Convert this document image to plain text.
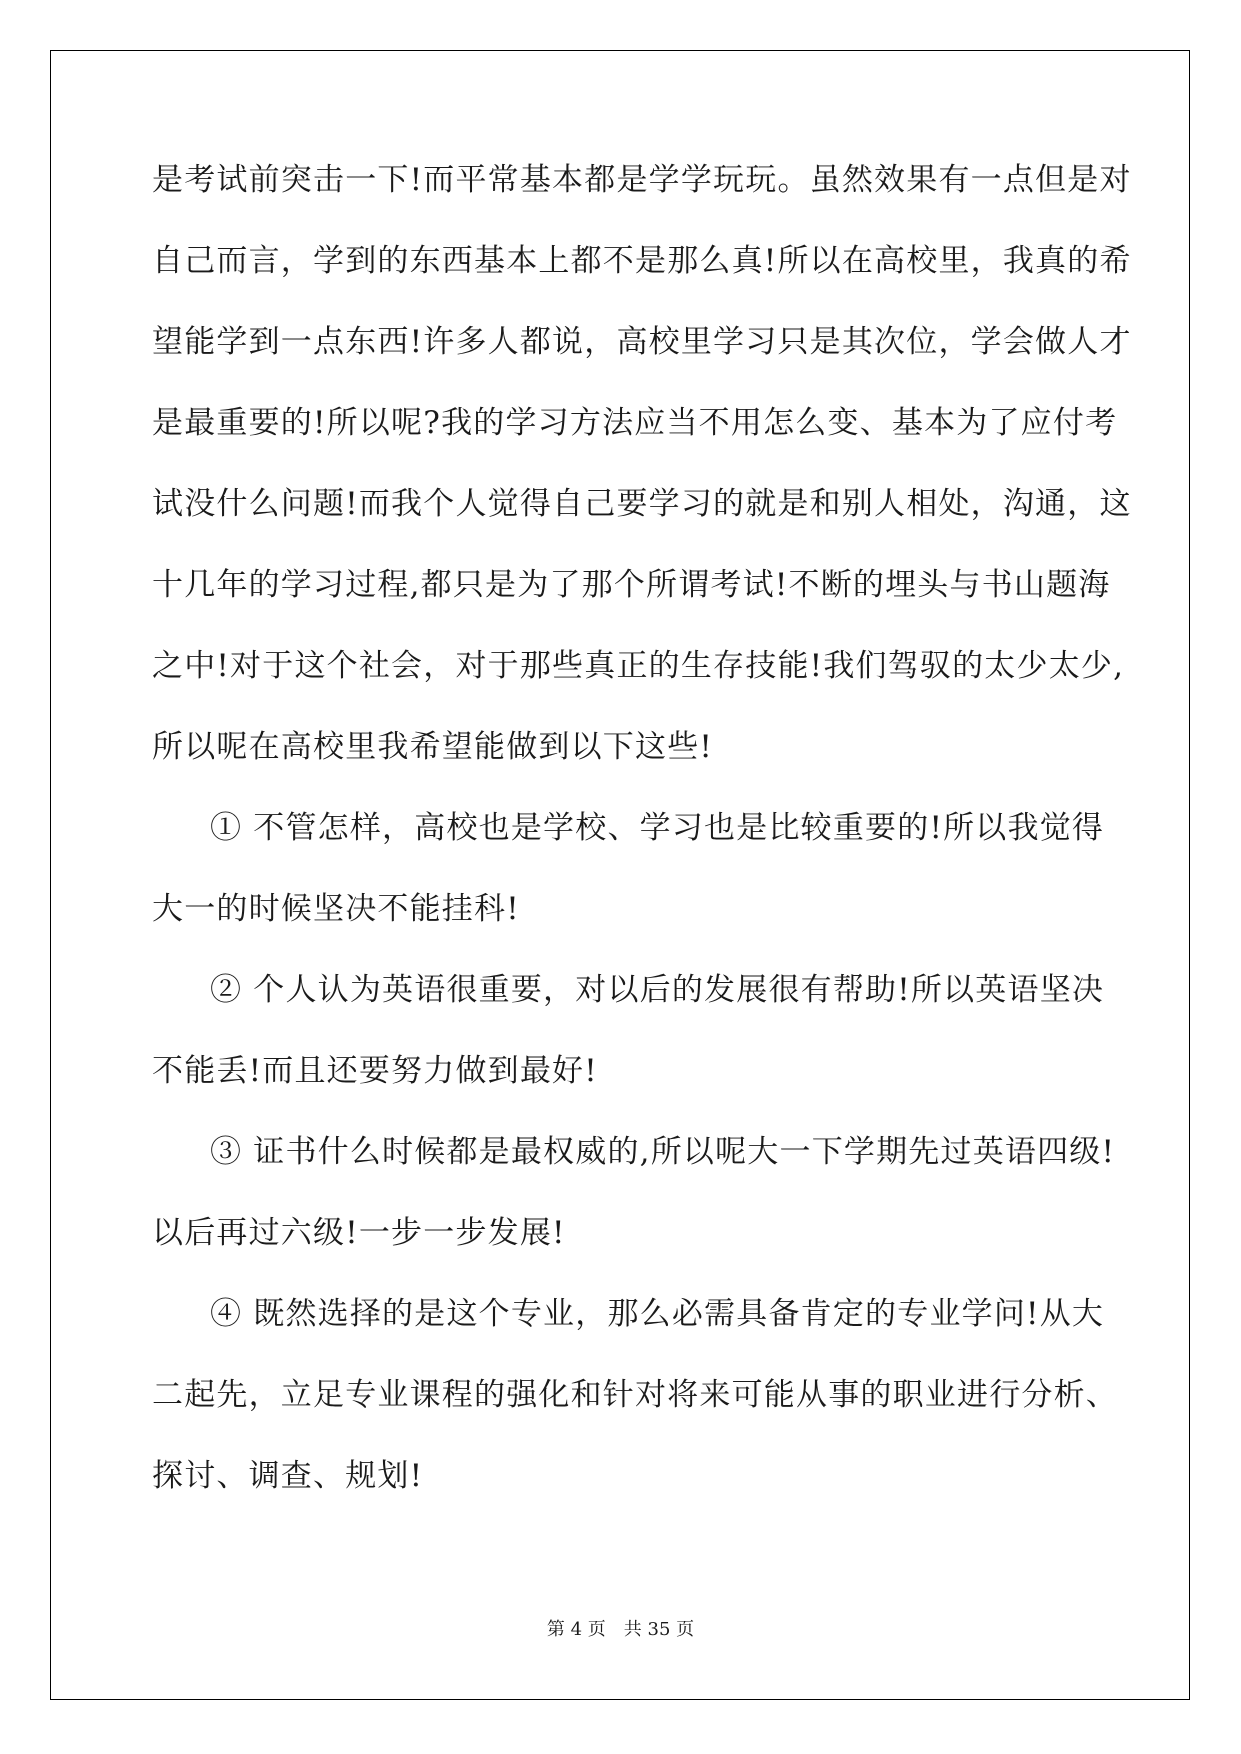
是考试前突击一下!而平常基本都是学学玩玩。虽然效果有一点但是对
自己而言，学到的东西基本上都不是那么真!所以在高校里，我真的希
望能学到一点东西!许多人都说，高校里学习只是其次位，学会做人才
是最重要的!所以呢?我的学习方法应当不用怎么变、基本为了应付考
试没什么问题!而我个人觉得自己要学习的就是和别人相处，沟通，这
十几年的学习过程,都只是为了那个所谓考试!不断的埋头与书山题海
之中!对于这个社会，对于那些真正的生存技能!我们驾驭的太少太少,
所以呢在高校里我希望能做到以下这些!
① 不管怎样，高校也是学校、学习也是比较重要的!所以我觉得
大一的时候坚决不能挂科!
② 个人认为英语很重要，对以后的发展很有帮助!所以英语坚决
不能丢!而且还要努力做到最好!
③ 证书什么时候都是最权威的,所以呢大一下学期先过英语四级!
以后再过六级!一步一步发展!
④ 既然选择的是这个专业，那么必需具备肯定的专业学问!从大
二起先，立足专业课程的强化和针对将来可能从事的职业进行分析、
探讨、调查、规划!
第 4 页　共 35 页
